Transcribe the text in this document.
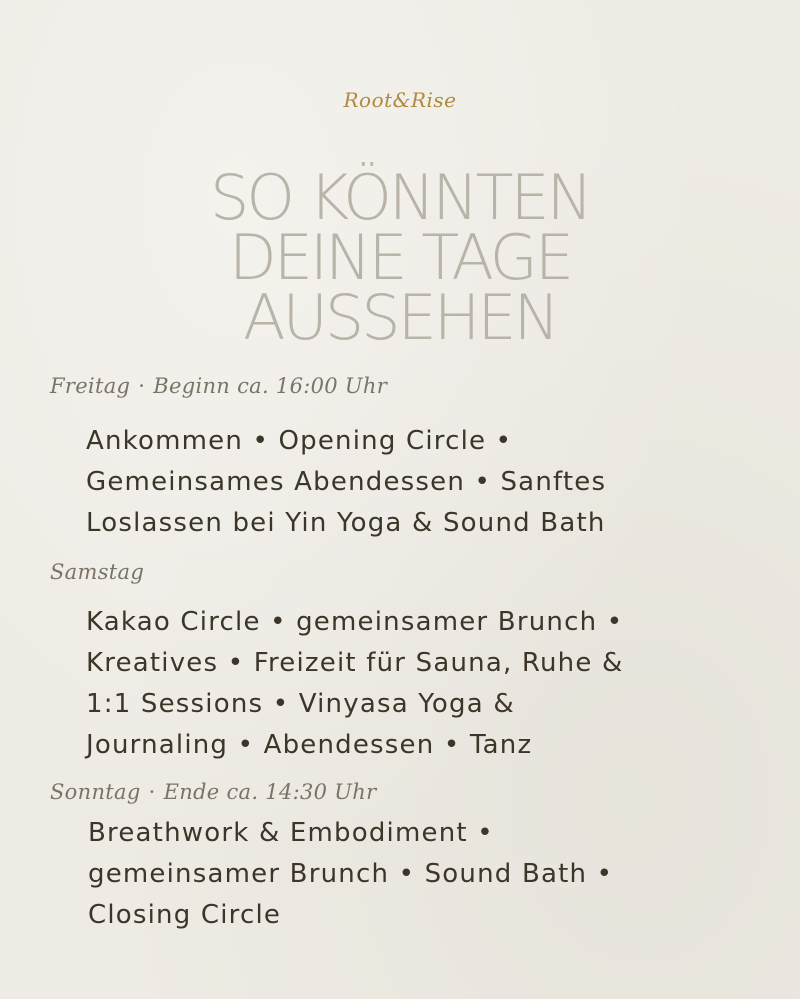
Root&Rise
SO KÖNNTEN
DEINE TAGE
AUSSEHEN
Freitag · Beginn ca. 16:00 Uhr
Ankommen • Opening Circle •
Gemeinsames Abendessen • Sanftes
Loslassen bei Yin Yoga & Sound Bath
Samstag
Kakao Circle • gemeinsamer Brunch •
Kreatives • Freizeit für Sauna, Ruhe &
1:1 Sessions • Vinyasa Yoga &
Journaling • Abendessen • Tanz
Sonntag · Ende ca. 14:30 Uhr
Breathwork & Embodiment •
gemeinsamer Brunch • Sound Bath •
Closing Circle
